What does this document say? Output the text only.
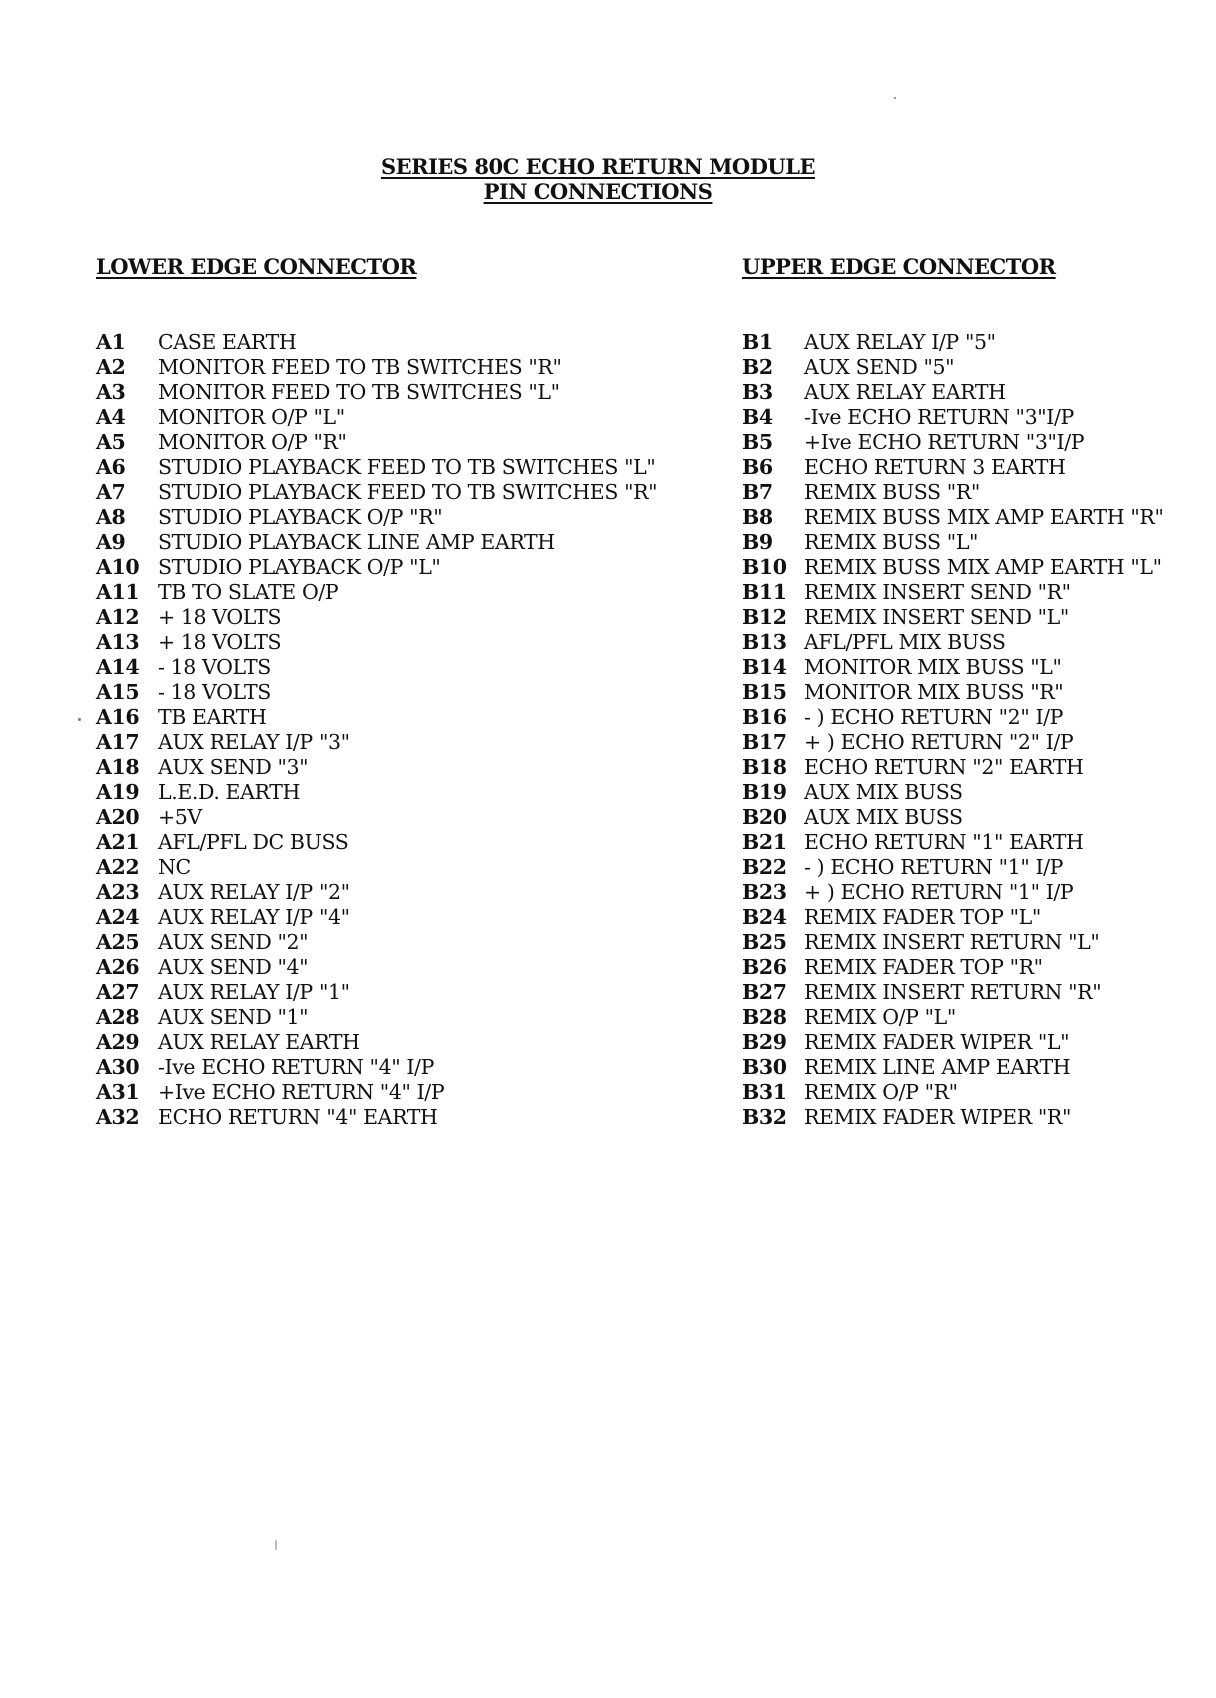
SERIES 80C ECHO RETURN MODULE
PIN CONNECTIONS
LOWER EDGE CONNECTOR	UPPER EDGE CONNECTOR
A1 CASE EARTH
A2 MONITOR FEED TO TB SWITCHES "R"
A3 MONITOR FEED TO TB SWITCHES "L"
A4 MONITOR O/P "L"
A5 MONITOR O/P "R"
A6 STUDIO PLAYBACK FEED TO TB SWITCHES "L"
A7 STUDIO PLAYBACK FEED TO TB SWITCHES "R"
A8 STUDIO PLAYBACK O/P "R"
A9 STUDIO PLAYBACK LINE AMP EARTH
A10 STUDIO PLAYBACK O/P "L"
A11 TB TO SLATE O/P
A12 + 18 VOLTS
A13 + 18 VOLTS
A14 - 18 VOLTS
A15 - 18 VOLTS
A16 TB EARTH
A17 AUX RELAY I/P "3"
A18 AUX SEND "3"
A19 L.E.D. EARTH
A20 +5V
A21 AFL/PFL DC BUSS
A22 NC
A23 AUX RELAY I/P "2"
A24 AUX RELAY I/P "4"
A25 AUX SEND "2"
A26 AUX SEND "4"
A27 AUX RELAY I/P "1"
A28 AUX SEND "1"
A29 AUX RELAY EARTH
A30 -Ive ECHO RETURN "4" I/P
A31 +Ive ECHO RETURN "4" I/P
A32 ECHO RETURN "4" EARTH
B1 AUX RELAY I/P "5"
B2 AUX SEND "5"
B3 AUX RELAY EARTH
B4 -Ive ECHO RETURN "3"I/P
B5 +Ive ECHO RETURN "3"I/P
B6 ECHO RETURN 3 EARTH
B7 REMIX BUSS "R"
B8 REMIX BUSS MIX AMP EARTH "R"
B9 REMIX BUSS "L"
B10 REMIX BUSS MIX AMP EARTH "L"
B11 REMIX INSERT SEND "R"
B12 REMIX INSERT SEND "L"
B13 AFL/PFL MIX BUSS
B14 MONITOR MIX BUSS "L"
B15 MONITOR MIX BUSS "R"
B16 - ) ECHO RETURN "2" I/P
B17 + ) ECHO RETURN "2" I/P
B18 ECHO RETURN "2" EARTH
B19 AUX MIX BUSS
B20 AUX MIX BUSS
B21 ECHO RETURN "1" EARTH
B22 - ) ECHO RETURN "1" I/P
B23 + ) ECHO RETURN "1" I/P
B24 REMIX FADER TOP "L"
B25 REMIX INSERT RETURN "L"
B26 REMIX FADER TOP "R"
B27 REMIX INSERT RETURN "R"
B28 REMIX O/P "L"
B29 REMIX FADER WIPER "L"
B30 REMIX LINE AMP EARTH
B31 REMIX O/P "R"
B32 REMIX FADER WIPER "R"
